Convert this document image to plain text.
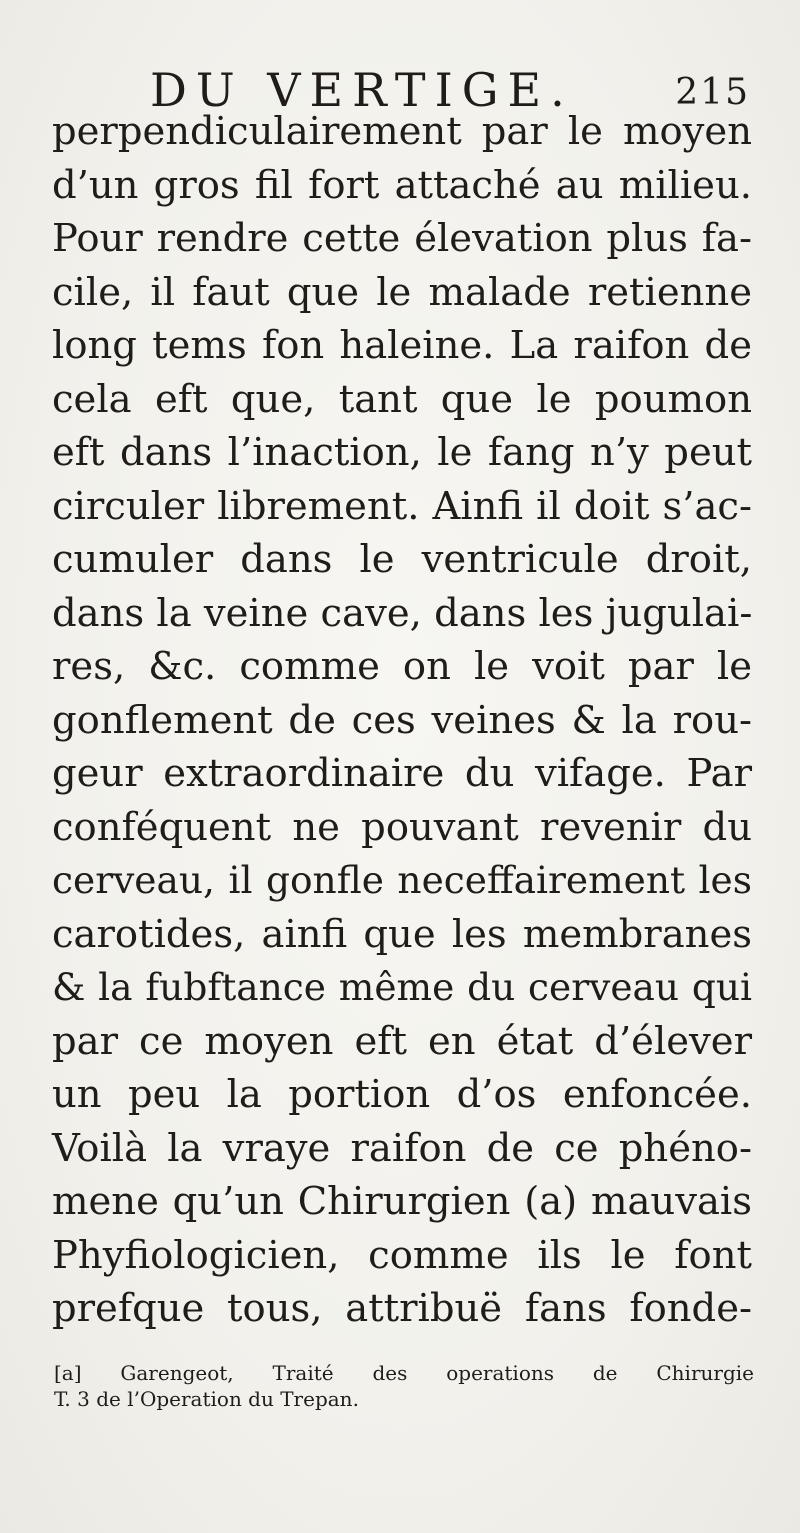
DU VERTIGE.	215
perpendiculairement par le moyen
d’un gros fil fort attaché au milieu.
Pour rendre cette élevation plus fa-
cile, il faut que le malade retienne
long tems fon haleine. La raifon de
cela eft que, tant que le poumon
eft dans l’inaction, le fang n’y peut
circuler librement. Ainfi il doit s’ac-
cumuler dans le ventricule droit,
dans la veine cave, dans les jugulai-
res, &c. comme on le voit par le
gonflement de ces veines & la rou-
geur extraordinaire du vifage. Par
conféquent ne pouvant revenir du
cerveau, il gonfle neceffairement les
carotides, ainfi que les membranes
& la fubftance même du cerveau qui
par ce moyen eft en état d’élever
un peu la portion d’os enfoncée.
Voilà la vraye raifon de ce phéno-
mene qu’un Chirurgien (a) mauvais
Phyfiologicien, comme ils le font
prefque tous, attribuë fans fonde-
[a] Garengeot, Traité des operations de Chirurgie
T. 3 de l’Operation du Trepan.
